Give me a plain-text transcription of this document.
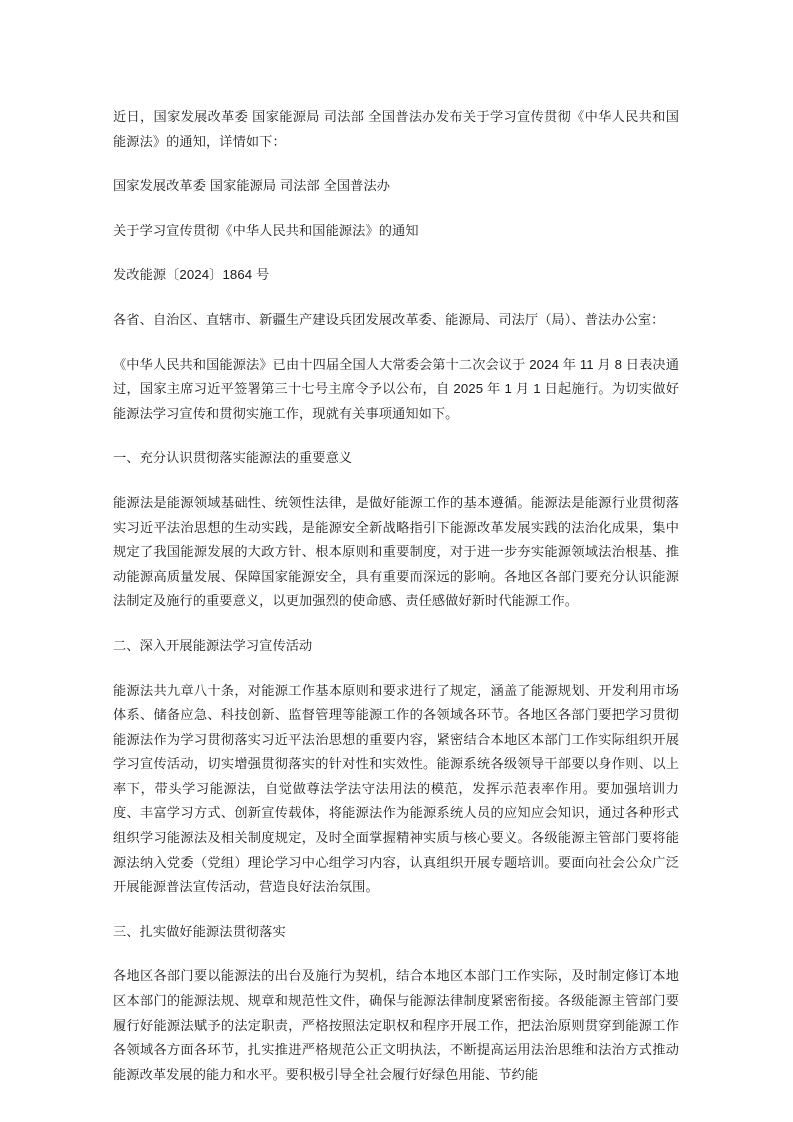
近日，国家发展改革委 国家能源局 司法部 全国普法办发布关于学习宣传贯彻《中华人民共和国能源法》的通知，详情如下：

国家发展改革委 国家能源局 司法部 全国普法办

关于学习宣传贯彻《中华人民共和国能源法》的通知

发改能源〔2024〕1864 号

各省、自治区、直辖市、新疆生产建设兵团发展改革委、能源局、司法厅（局）、普法办公室：

《中华人民共和国能源法》已由十四届全国人大常委会第十二次会议于 2024 年 11 月 8 日表决通过，国家主席习近平签署第三十七号主席令予以公布，自 2025 年 1 月 1 日起施行。为切实做好能源法学习宣传和贯彻实施工作，现就有关事项通知如下。

一、充分认识贯彻落实能源法的重要意义

能源法是能源领域基础性、统领性法律，是做好能源工作的基本遵循。能源法是能源行业贯彻落实习近平法治思想的生动实践，是能源安全新战略指引下能源改革发展实践的法治化成果，集中规定了我国能源发展的大政方针、根本原则和重要制度，对于进一步夯实能源领域法治根基、推动能源高质量发展、保障国家能源安全，具有重要而深远的影响。各地区各部门要充分认识能源法制定及施行的重要意义，以更加强烈的使命感、责任感做好新时代能源工作。

二、深入开展能源法学习宣传活动

能源法共九章八十条，对能源工作基本原则和要求进行了规定，涵盖了能源规划、开发利用市场体系、储备应急、科技创新、监督管理等能源工作的各领域各环节。各地区各部门要把学习贯彻能源法作为学习贯彻落实习近平法治思想的重要内容，紧密结合本地区本部门工作实际组织开展学习宣传活动，切实增强贯彻落实的针对性和实效性。能源系统各级领导干部要以身作则、以上率下，带头学习能源法，自觉做尊法学法守法用法的模范，发挥示范表率作用。要加强培训力度、丰富学习方式、创新宣传载体，将能源法作为能源系统人员的应知应会知识，通过各种形式组织学习能源法及相关制度规定，及时全面掌握精神实质与核心要义。各级能源主管部门要将能源法纳入党委（党组）理论学习中心组学习内容，认真组织开展专题培训。要面向社会公众广泛开展能源普法宣传活动，营造良好法治氛围。

三、扎实做好能源法贯彻落实

各地区各部门要以能源法的出台及施行为契机，结合本地区本部门工作实际，及时制定修订本地区本部门的能源法规、规章和规范性文件，确保与能源法律制度紧密衔接。各级能源主管部门要履行好能源法赋予的法定职责，严格按照法定职权和程序开展工作，把法治原则贯穿到能源工作各领域各方面各环节，扎实推进严格规范公正文明执法，不断提高运用法治思维和法治方式推动能源改革发展的能力和水平。要积极引导全社会履行好绿色用能、节约能
